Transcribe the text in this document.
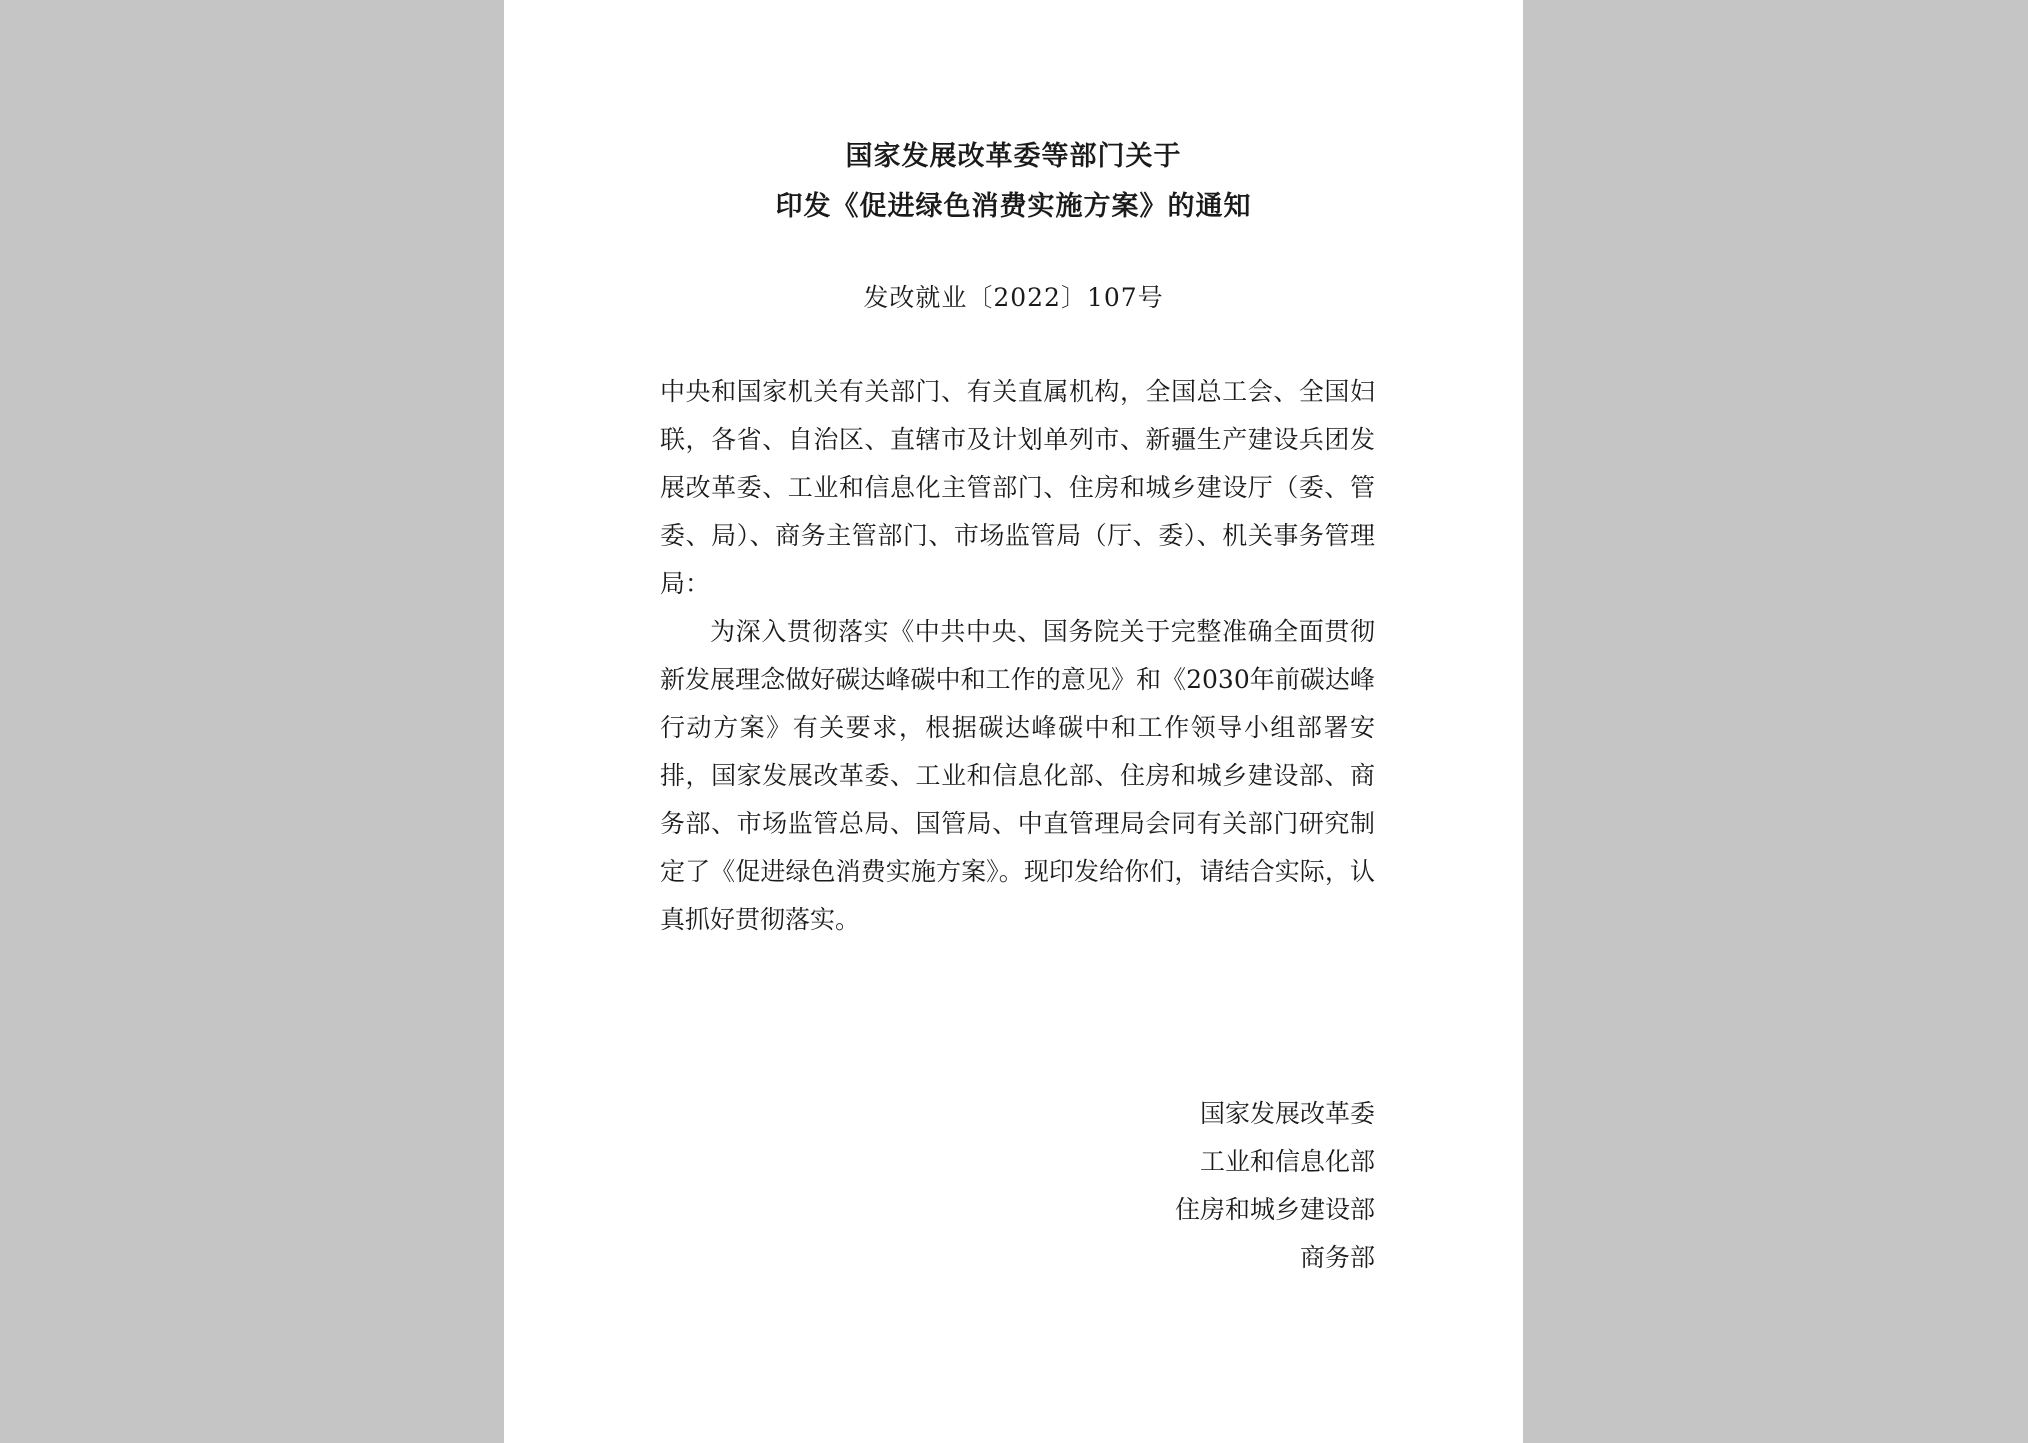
国家发展改革委等部门关于
印发《促进绿色消费实施方案》的通知
发改就业〔2022〕107号
中央和国家机关有关部门、有关直属机构，全国总工会、全国妇联，各省、自治区、直辖市及计划单列市、新疆生产建设兵团发展改革委、工业和信息化主管部门、住房和城乡建设厅（委、管委、局）、商务主管部门、市场监管局（厅、委）、机关事务管理局：
为深入贯彻落实《中共中央、国务院关于完整准确全面贯彻新发展理念做好碳达峰碳中和工作的意见》和《2030年前碳达峰行动方案》有关要求，根据碳达峰碳中和工作领导小组部署安排，国家发展改革委、工业和信息化部、住房和城乡建设部、商务部、市场监管总局、国管局、中直管理局会同有关部门研究制定了《促进绿色消费实施方案》。现印发给你们，请结合实际，认真抓好贯彻落实。
国家发展改革委
工业和信息化部
住房和城乡建设部
商务部
